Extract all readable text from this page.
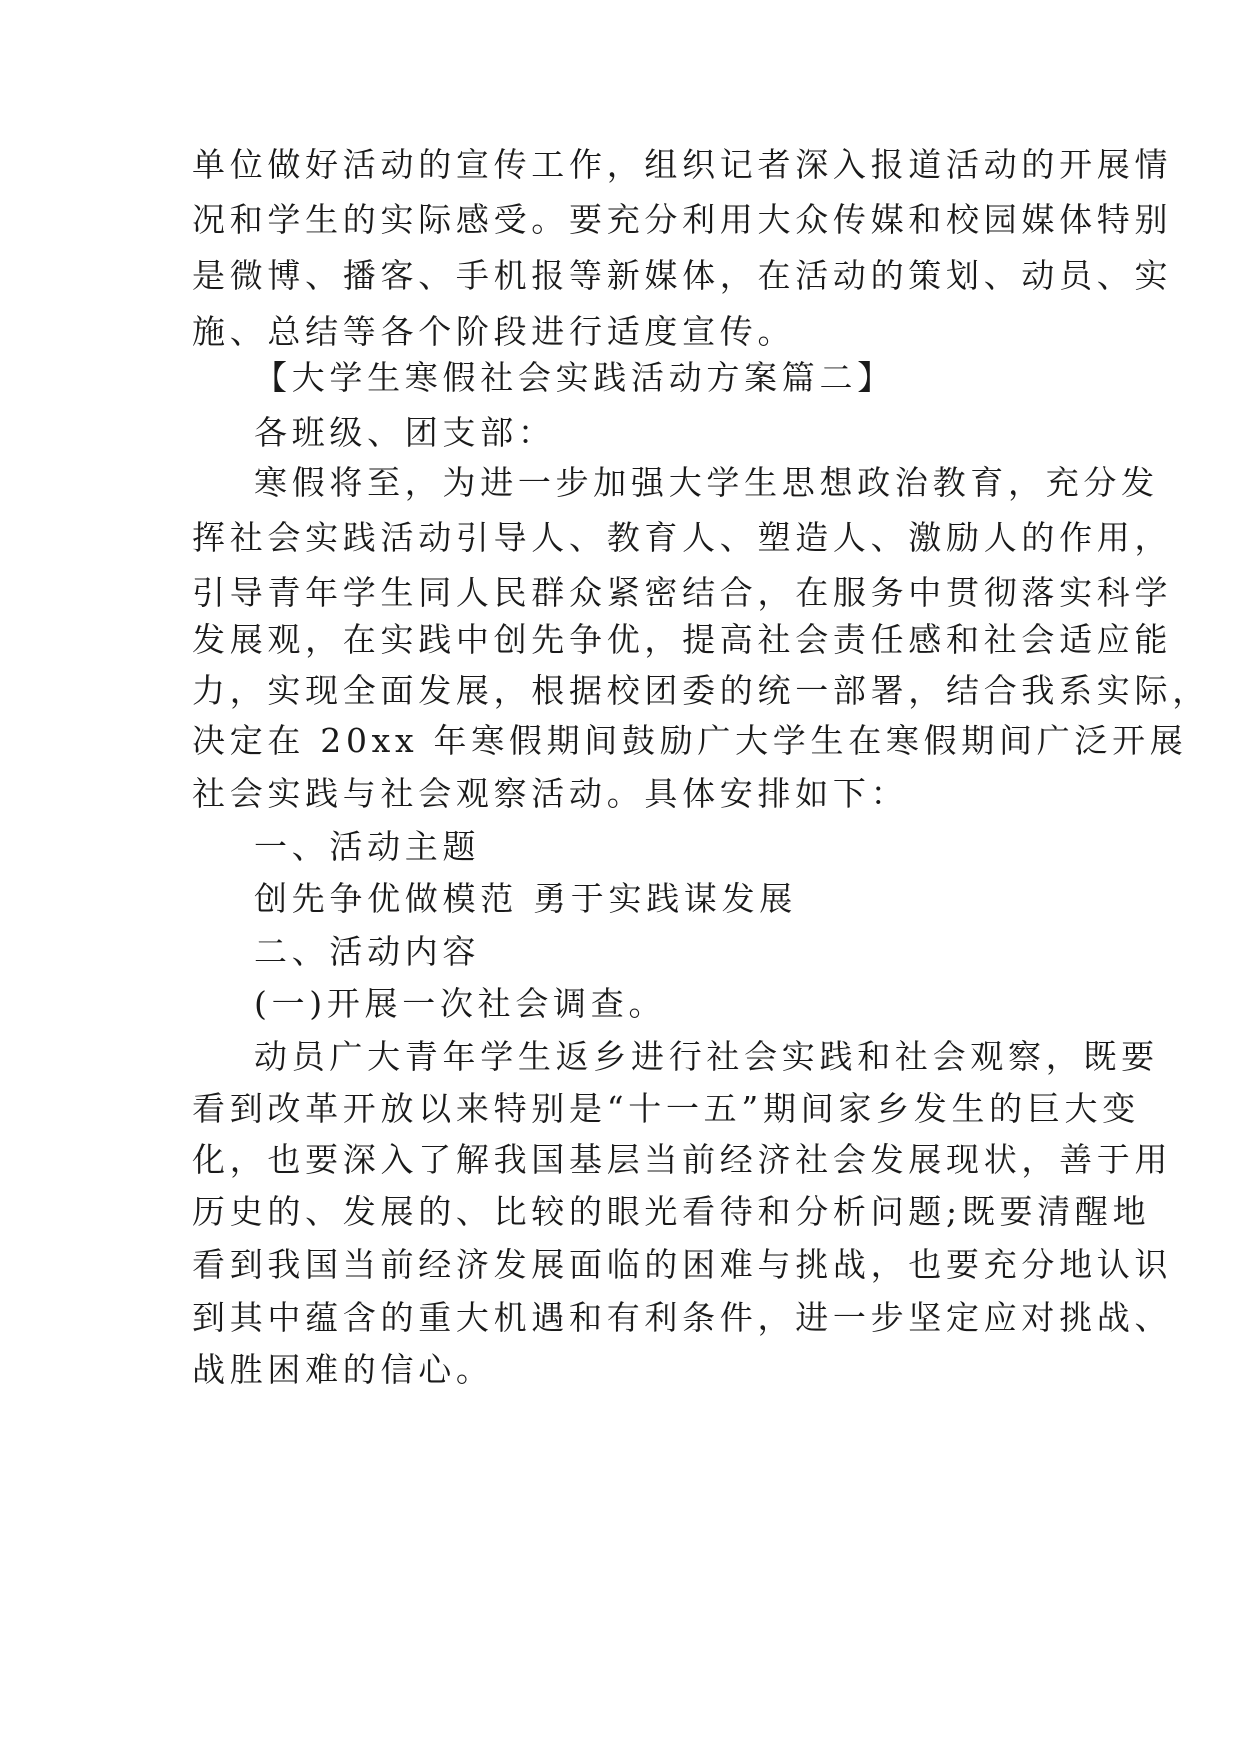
单位做好活动的宣传工作，组织记者深入报道活动的开展情
况和学生的实际感受。要充分利用大众传媒和校园媒体特别
是微博、播客、手机报等新媒体，在活动的策划、动员、实
施、总结等各个阶段进行适度宣传。
【大学生寒假社会实践活动方案篇二】
各班级、团支部：
寒假将至，为进一步加强大学生思想政治教育，充分发
挥社会实践活动引导人、教育人、塑造人、激励人的作用，
引导青年学生同人民群众紧密结合，在服务中贯彻落实科学
发展观，在实践中创先争优，提高社会责任感和社会适应能
力，实现全面发展，根据校团委的统一部署，结合我系实际，
决定在 20xx 年寒假期间鼓励广大学生在寒假期间广泛开展
社会实践与社会观察活动。具体安排如下：
一、活动主题
创先争优做模范 勇于实践谋发展
二、活动内容
(一)开展一次社会调查。
动员广大青年学生返乡进行社会实践和社会观察，既要
看到改革开放以来特别是“十一五”期间家乡发生的巨大变
化，也要深入了解我国基层当前经济社会发展现状，善于用
历史的、发展的、比较的眼光看待和分析问题;既要清醒地
看到我国当前经济发展面临的困难与挑战，也要充分地认识
到其中蕴含的重大机遇和有利条件，进一步坚定应对挑战、
战胜困难的信心。
